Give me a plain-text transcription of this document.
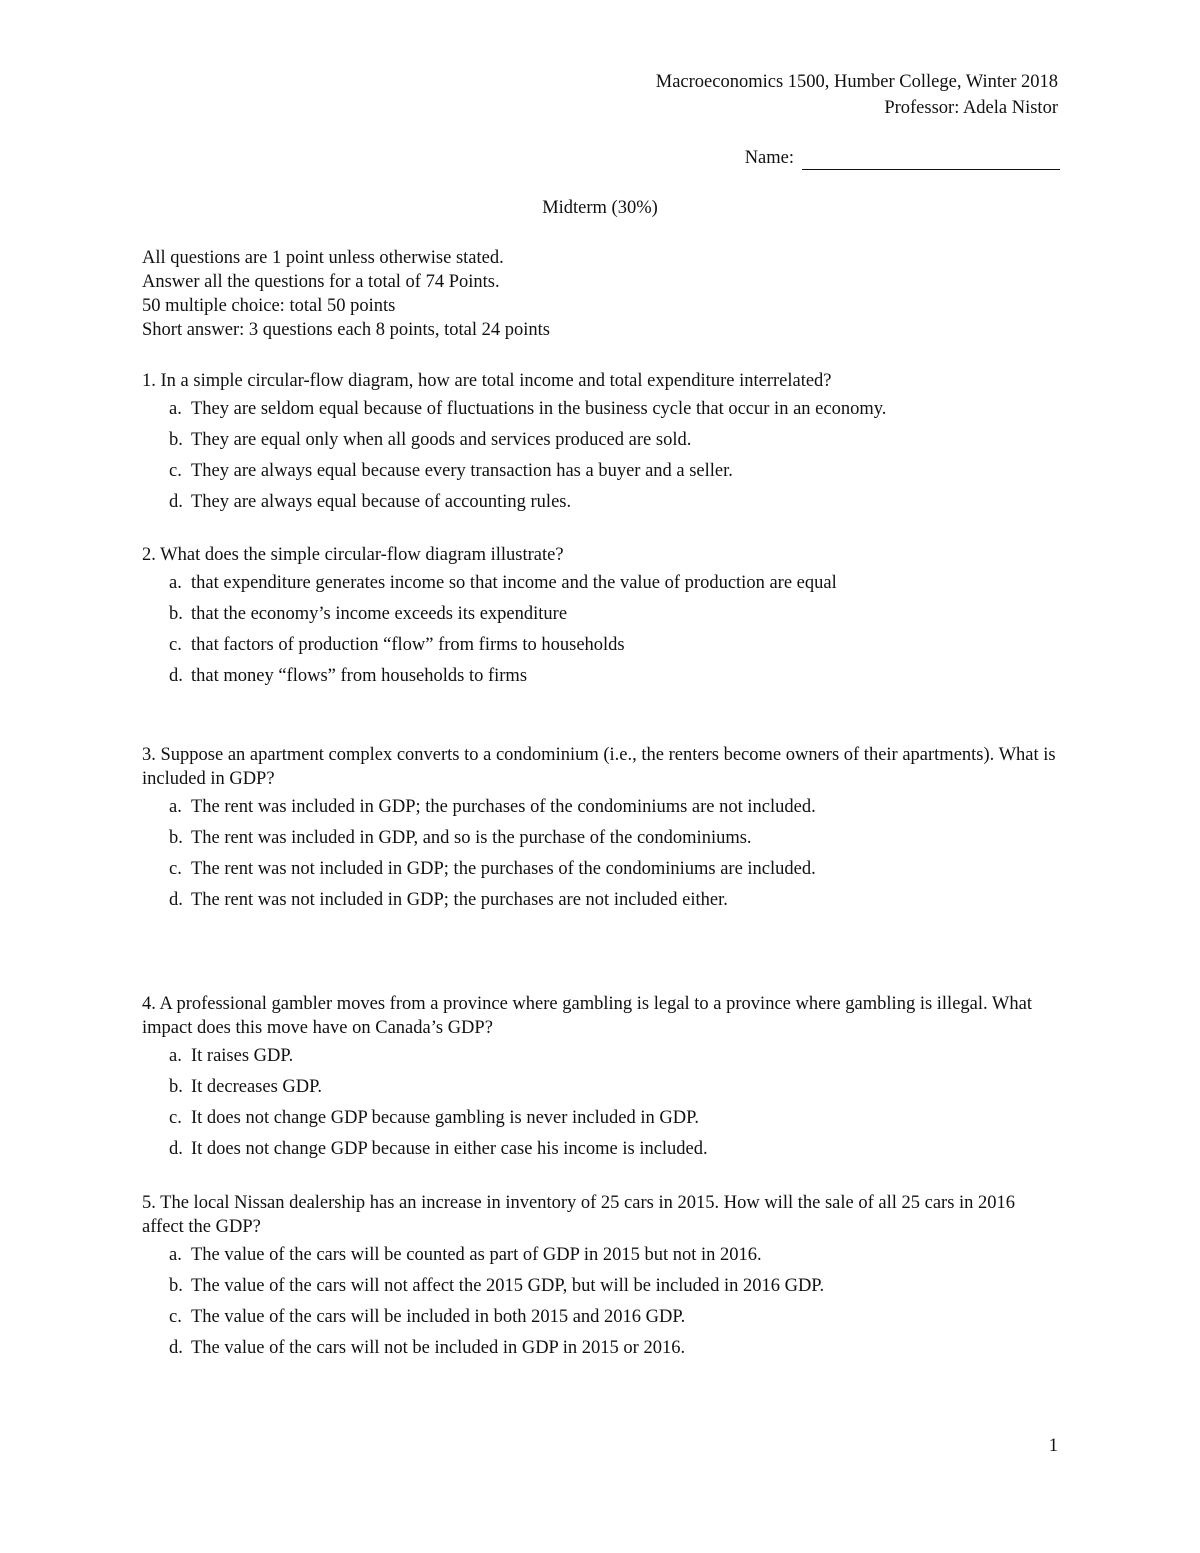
Macroeconomics 1500, Humber College, Winter 2018
Professor: Adela Nistor
Name:
Midterm (30%)
All questions are 1 point unless otherwise stated.
Answer all the questions for a total of 74 Points.
50 multiple choice: total 50 points
Short answer: 3 questions each 8 points, total 24 points

1. In a simple circular-flow diagram, how are total income and total expenditure interrelated?

a. They are seldom equal because of fluctuations in the business cycle that occur in an economy.
b. They are equal only when all goods and services produced are sold.
c. They are always equal because every transaction has a buyer and a seller.
d. They are always equal because of accounting rules.

2. What does the simple circular-flow diagram illustrate?

a. that expenditure generates income so that income and the value of production are equal
b. that the economy’s income exceeds its expenditure
c. that factors of production “flow” from firms to households
d. that money “flows” from households to firms

3. Suppose an apartment complex converts to a condominium (i.e., the renters become owners of their apartments). What is included in GDP?

a. The rent was included in GDP; the purchases of the condominiums are not included.
b. The rent was included in GDP, and so is the purchase of the condominiums.
c. The rent was not included in GDP; the purchases of the condominiums are included.
d. The rent was not included in GDP; the purchases are not included either.

4. A professional gambler moves from a province where gambling is legal to a province where gambling is illegal. What impact does this move have on Canada’s GDP?

a. It raises GDP.
b. It decreases GDP.
c. It does not change GDP because gambling is never included in GDP.
d. It does not change GDP because in either case his income is included.

5. The local Nissan dealership has an increase in inventory of 25 cars in 2015. How will the sale of all 25 cars in 2016 affect the GDP?

a. The value of the cars will be counted as part of GDP in 2015 but not in 2016.
b. The value of the cars will not affect the 2015 GDP, but will be included in 2016 GDP.
c. The value of the cars will be included in both 2015 and 2016 GDP.
d. The value of the cars will not be included in GDP in 2015 or 2016.
1
